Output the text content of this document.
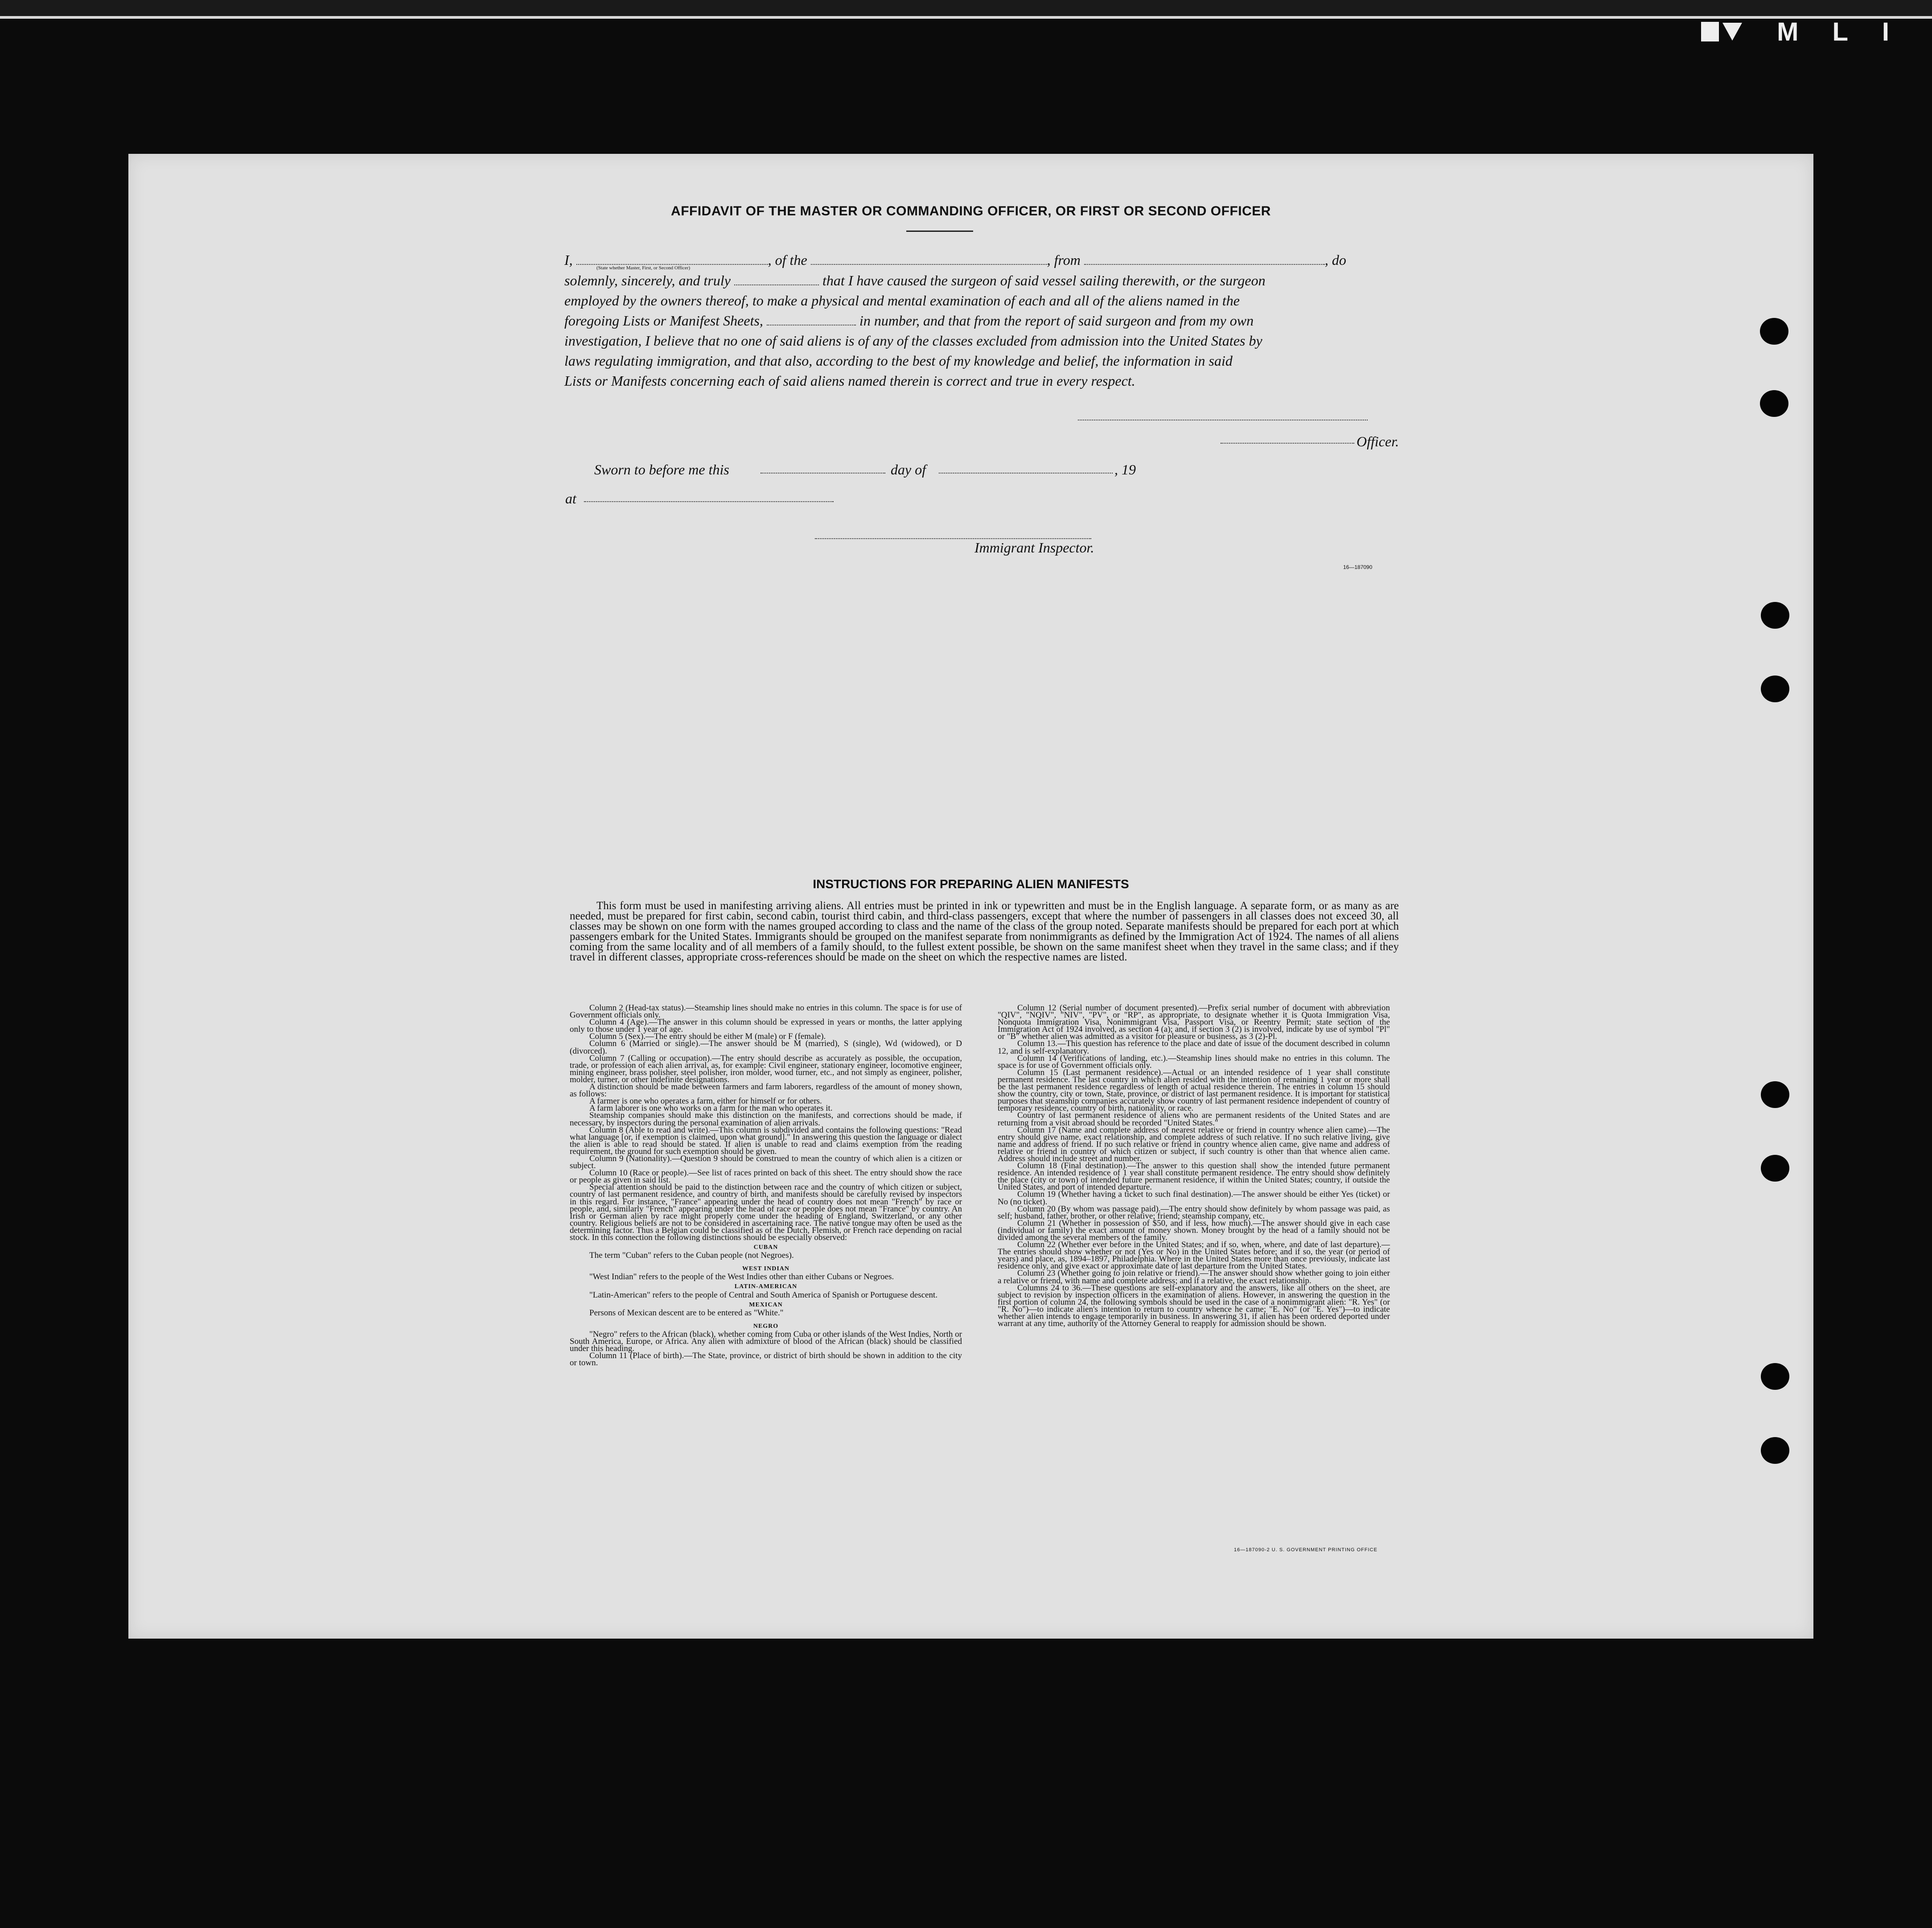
M L I
AFFIDAVIT OF THE MASTER OR COMMANDING OFFICER, OR FIRST OR SECOND OFFICER
I,	, of the	, from	, do
(State whether Master, First, or Second Officer)
solemnly, sincerely, and truly	that I have caused the surgeon of said vessel sailing therewith, or the surgeon
employed by the owners thereof, to make a physical and mental examination of each and all of the aliens named in the
foregoing Lists or Manifest Sheets,	in number, and that from the report of said surgeon and from my own
investigation, I believe that no one of said aliens is of any of the classes excluded from admission into the United States by
laws regulating immigration, and that also, according to the best of my knowledge and belief, the information in said
Lists or Manifests concerning each of said aliens named therein is correct and true in every respect.
Officer.
Sworn to before me this	day of	, 19
at
Immigrant Inspector.
16—187090
INSTRUCTIONS FOR PREPARING ALIEN MANIFESTS
This form must be used in manifesting arriving aliens. All entries must be printed in ink or typewritten and must be in the English language. A separate form, or as many as are needed, must be prepared for first cabin, second cabin, tourist third cabin, and third-class passengers, except that where the number of passengers in all classes does not exceed 30, all classes may be shown on one form with the names grouped according to class and the name of the class of the group noted. Separate manifests should be prepared for each port at which passengers embark for the United States. Immigrants should be grouped on the manifest separate from nonimmigrants as defined by the Immigration Act of 1924. The names of all aliens coming from the same locality and of all members of a family should, to the fullest extent possible, be shown on the same manifest sheet when they travel in the same class; and if they travel in different classes, appropriate cross-references should be made on the sheet on which the respective names are listed.

Column 2 (Head-tax status).—Steamship lines should make no entries in this column. The space is for use of Government officials only.

Column 4 (Age).—The answer in this column should be expressed in years or months, the latter applying only to those under 1 year of age.

Column 5 (Sex).—The entry should be either M (male) or F (female).

Column 6 (Married or single).—The answer should be M (married), S (single), Wd (widowed), or D (divorced).

Column 7 (Calling or occupation).—The entry should describe as accurately as possible, the occupation, trade, or profession of each alien arrival, as, for example: Civil engineer, stationary engineer, locomotive engineer, mining engineer, brass polisher, steel polisher, iron molder, wood turner, etc., and not simply as engineer, polisher, molder, turner, or other indefinite designations.

A distinction should be made between farmers and farm laborers, regardless of the amount of money shown, as follows:

A farmer is one who operates a farm, either for himself or for others.

A farm laborer is one who works on a farm for the man who operates it.

Steamship companies should make this distinction on the manifests, and corrections should be made, if necessary, by inspectors during the personal examination of alien arrivals.

Column 8 (Able to read and write).—This column is subdivided and contains the following questions: "Read what language [or, if exemption is claimed, upon what ground]." In answering this question the language or dialect the alien is able to read should be stated. If alien is unable to read and claims exemption from the reading requirement, the ground for such exemption should be given.

Column 9 (Nationality).—Question 9 should be construed to mean the country of which alien is a citizen or subject.

Column 10 (Race or people).—See list of races printed on back of this sheet. The entry should show the race or people as given in said list.

Special attention should be paid to the distinction between race and the country of which citizen or subject, country of last permanent residence, and country of birth, and manifests should be carefully revised by inspectors in this regard. For instance, "France" appearing under the head of country does not mean "French" by race or people, and, similarly "French" appearing under the head of race or people does not mean "France" by country. An Irish or German alien by race might properly come under the heading of England, Switzerland, or any other country. Religious beliefs are not to be considered in ascertaining race. The native tongue may often be used as the determining factor. Thus a Belgian could be classified as of the Dutch, Flemish, or French race depending on racial stock. In this connection the following distinctions should be especially observed:

CUBAN

The term "Cuban" refers to the Cuban people (not Negroes).

WEST INDIAN

"West Indian" refers to the people of the West Indies other than either Cubans or Negroes.

LATIN-AMERICAN

"Latin-American" refers to the people of Central and South America of Spanish or Portuguese descent.

MEXICAN

Persons of Mexican descent are to be entered as "White."

NEGRO

"Negro" refers to the African (black), whether coming from Cuba or other islands of the West Indies, North or South America, Europe, or Africa. Any alien with admixture of blood of the African (black) should be classified under this heading.

Column 11 (Place of birth).—The State, province, or district of birth should be shown in addition to the city or town.

Column 12 (Serial number of document presented).—Prefix serial number of document with abbreviation "QIV", "NQIV", "NIV", "PV", or "RP", as appropriate, to designate whether it is Quota Immigration Visa, Nonquota Immigration Visa, Nonimmigrant Visa, Passport Visa, or Reentry Permit; state section of the Immigration Act of 1924 involved, as section 4 (a); and, if section 3 (2) is involved, indicate by use of symbol "Pl" or "B" whether alien was admitted as a visitor for pleasure or business, as 3 (2)-Pl.

Column 13.—This question has reference to the place and date of issue of the document described in column 12, and is self-explanatory.

Column 14 (Verifications of landing, etc.).—Steamship lines should make no entries in this column. The space is for use of Government officials only.

Column 15 (Last permanent residence).—Actual or an intended residence of 1 year shall constitute permanent residence. The last country in which alien resided with the intention of remaining 1 year or more shall be the last permanent residence regardless of length of actual residence therein. The entries in column 15 should show the country, city or town, State, province, or district of last permanent residence. It is important for statistical purposes that steamship companies accurately show country of last permanent residence independent of country of temporary residence, country of birth, nationality, or race.

Country of last permanent residence of aliens who are permanent residents of the United States and are returning from a visit abroad should be recorded "United States."

Column 17 (Name and complete address of nearest relative or friend in country whence alien came).—The entry should give name, exact relationship, and complete address of such relative. If no such relative living, give name and address of friend. If no such relative or friend in country whence alien came, give name and address of relative or friend in country of which citizen or subject, if such country is other than that whence alien came. Address should include street and number.

Column 18 (Final destination).—The answer to this question shall show the intended future permanent residence. An intended residence of 1 year shall constitute permanent residence. The entry should show definitely the place (city or town) of intended future permanent residence, if within the United States; country, if outside the United States, and port of intended departure.

Column 19 (Whether having a ticket to such final destination).—The answer should be either Yes (ticket) or No (no ticket).

Column 20 (By whom was passage paid).—The entry should show definitely by whom passage was paid, as self; husband, father, brother, or other relative; friend; steamship company, etc.

Column 21 (Whether in possession of $50, and if less, how much).—The answer should give in each case (individual or family) the exact amount of money shown. Money brought by the head of a family should not be divided among the several members of the family.

Column 22 (Whether ever before in the United States; and if so, when, where, and date of last departure).—The entries should show whether or not (Yes or No) in the United States before; and if so, the year (or period of years) and place, as, 1894–1897, Philadelphia. Where in the United States more than once previously, indicate last residence only, and give exact or approximate date of last departure from the United States.

Column 23 (Whether going to join relative or friend).—The answer should show whether going to join either a relative or friend, with name and complete address; and if a relative, the exact relationship.

Columns 24 to 36.—These questions are self-explanatory and the answers, like all others on the sheet, are subject to revision by inspection officers in the examination of aliens. However, in answering the question in the first portion of column 24, the following symbols should be used in the case of a nonimmigrant alien: "R. Yes" (or "R. No")—to indicate alien's intention to return to country whence he came; "E. No" (or "E. Yes")—to indicate whether alien intends to engage temporarily in business. In answering 31, if alien has been ordered deported under warrant at any time, authority of the Attorney General to reapply for admission should be shown.

16—187090-2 U. S. GOVERNMENT PRINTING OFFICE
